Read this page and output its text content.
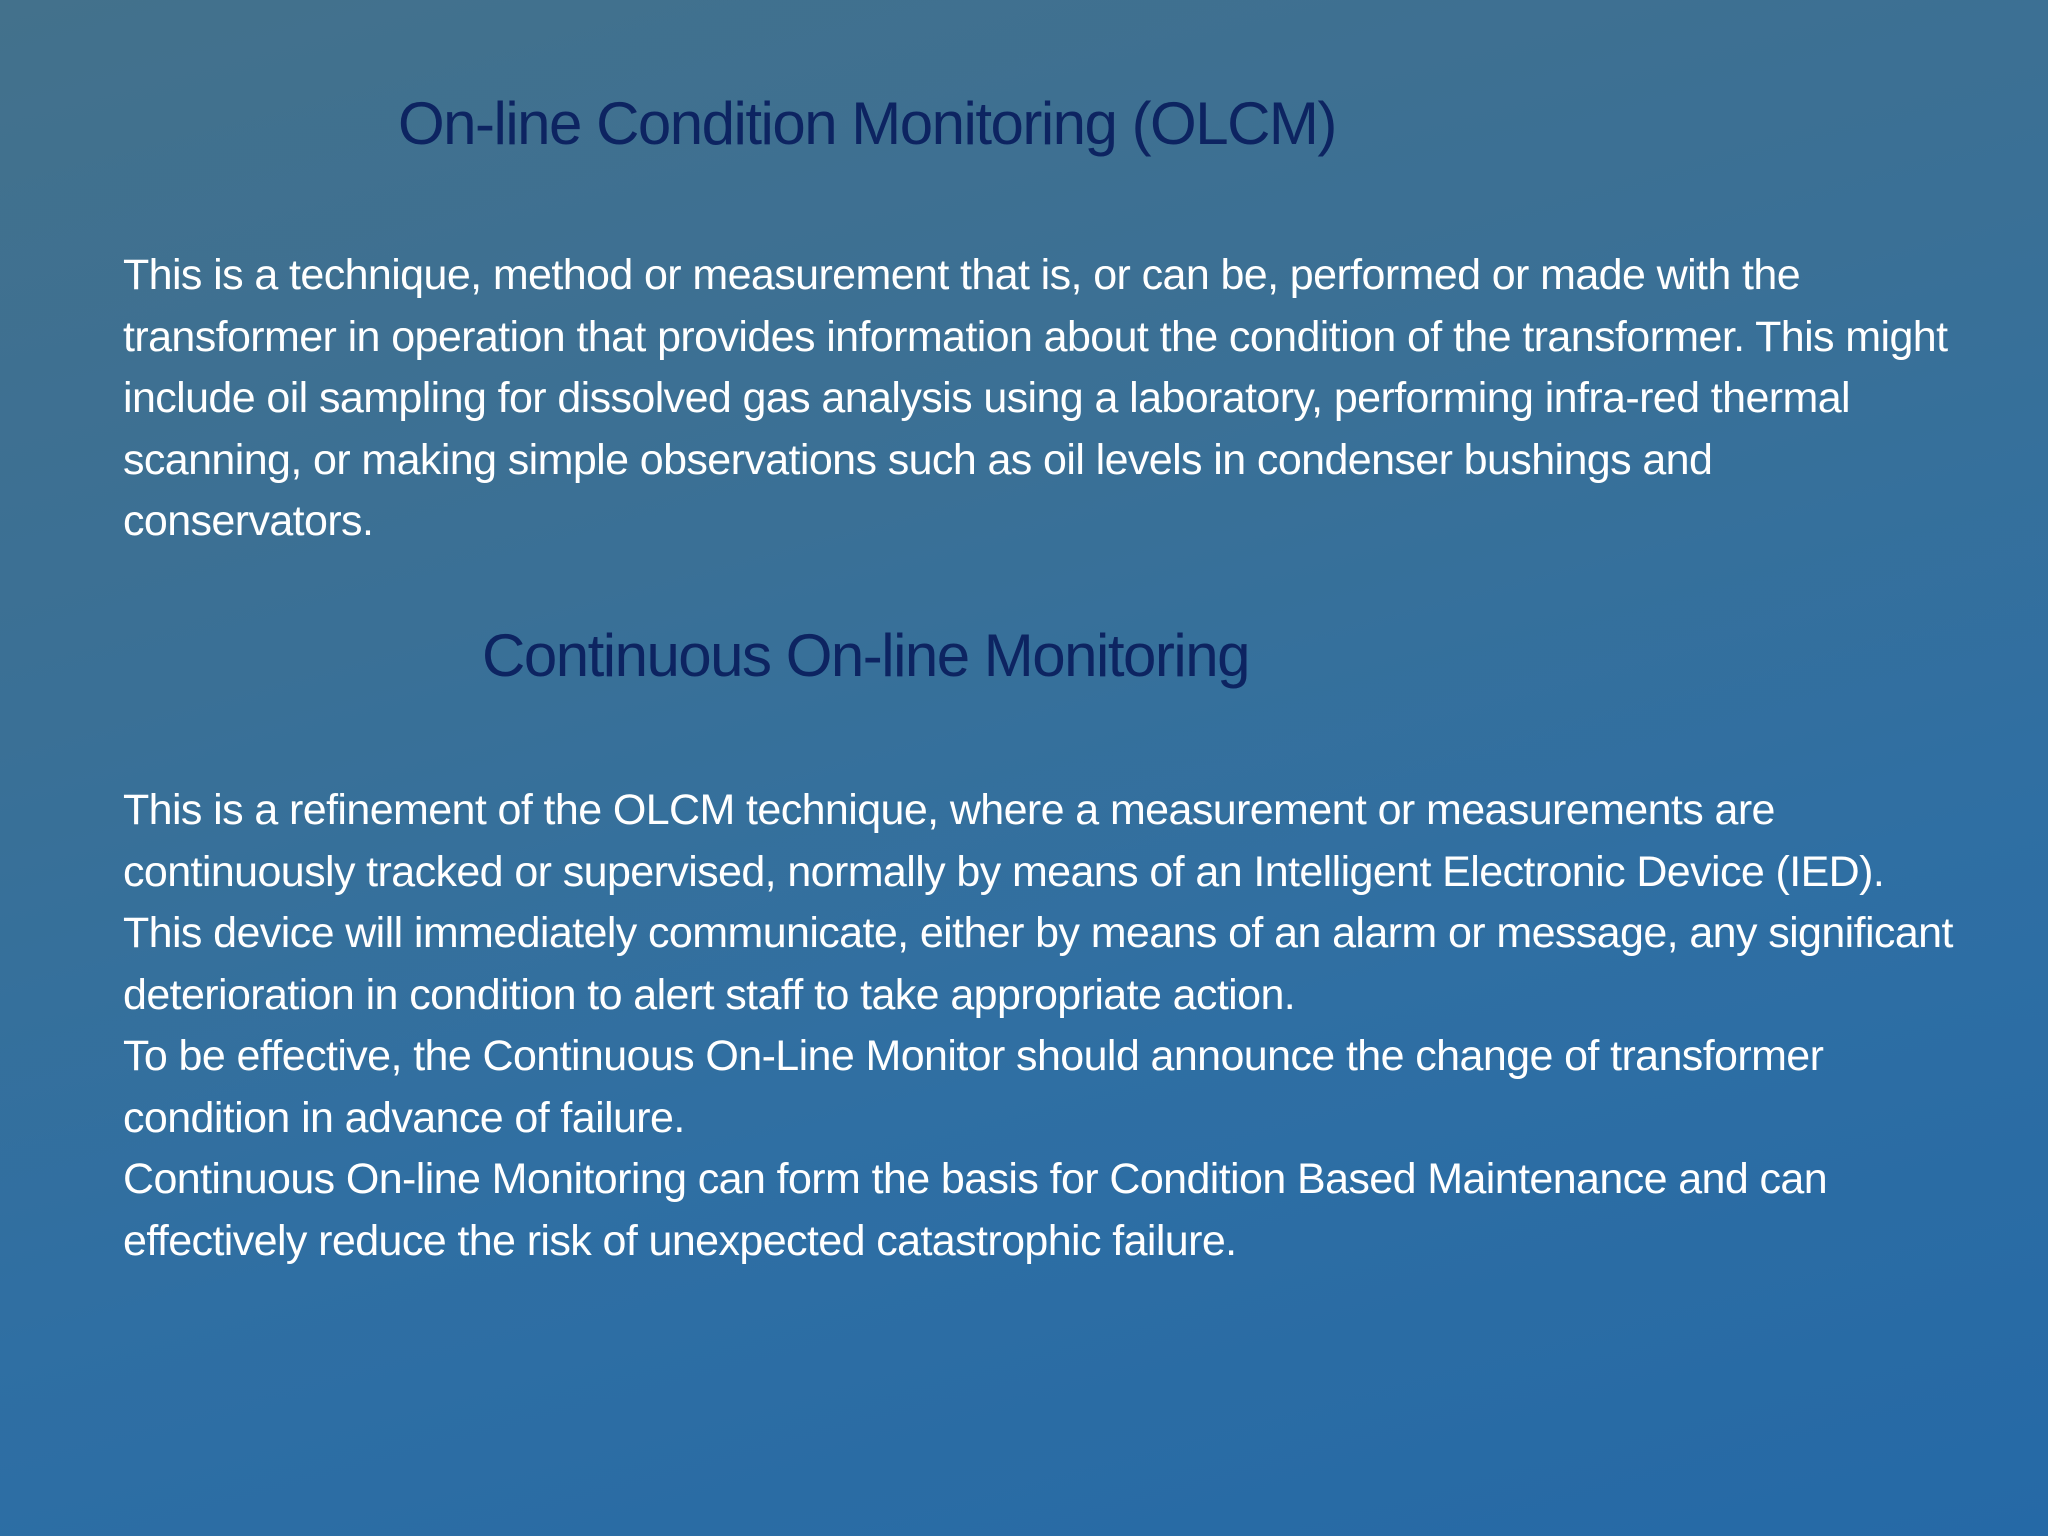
On-line Condition Monitoring (OLCM)

This is a technique, method or measurement that is, or can be, performed or made with the transformer in operation that provides information about the condition of the transformer. This might include oil sampling for dissolved gas analysis using a laboratory, performing infra-red thermal scanning, or making simple observations such as oil levels in condenser bushings and conservators.

Continuous On-line Monitoring

This is a refinement of the OLCM technique, where a measurement or measurements are continuously tracked or supervised, normally by means of an Intelligent Electronic Device (IED). This device will immediately communicate, either by means of an alarm or message, any significant deterioration in condition to alert staff to take appropriate action.

To be effective, the Continuous On-Line Monitor should announce the change of transformer condition in advance of failure.

Continuous On-line Monitoring can form the basis for Condition Based Maintenance and can effectively reduce the risk of unexpected catastrophic failure.
